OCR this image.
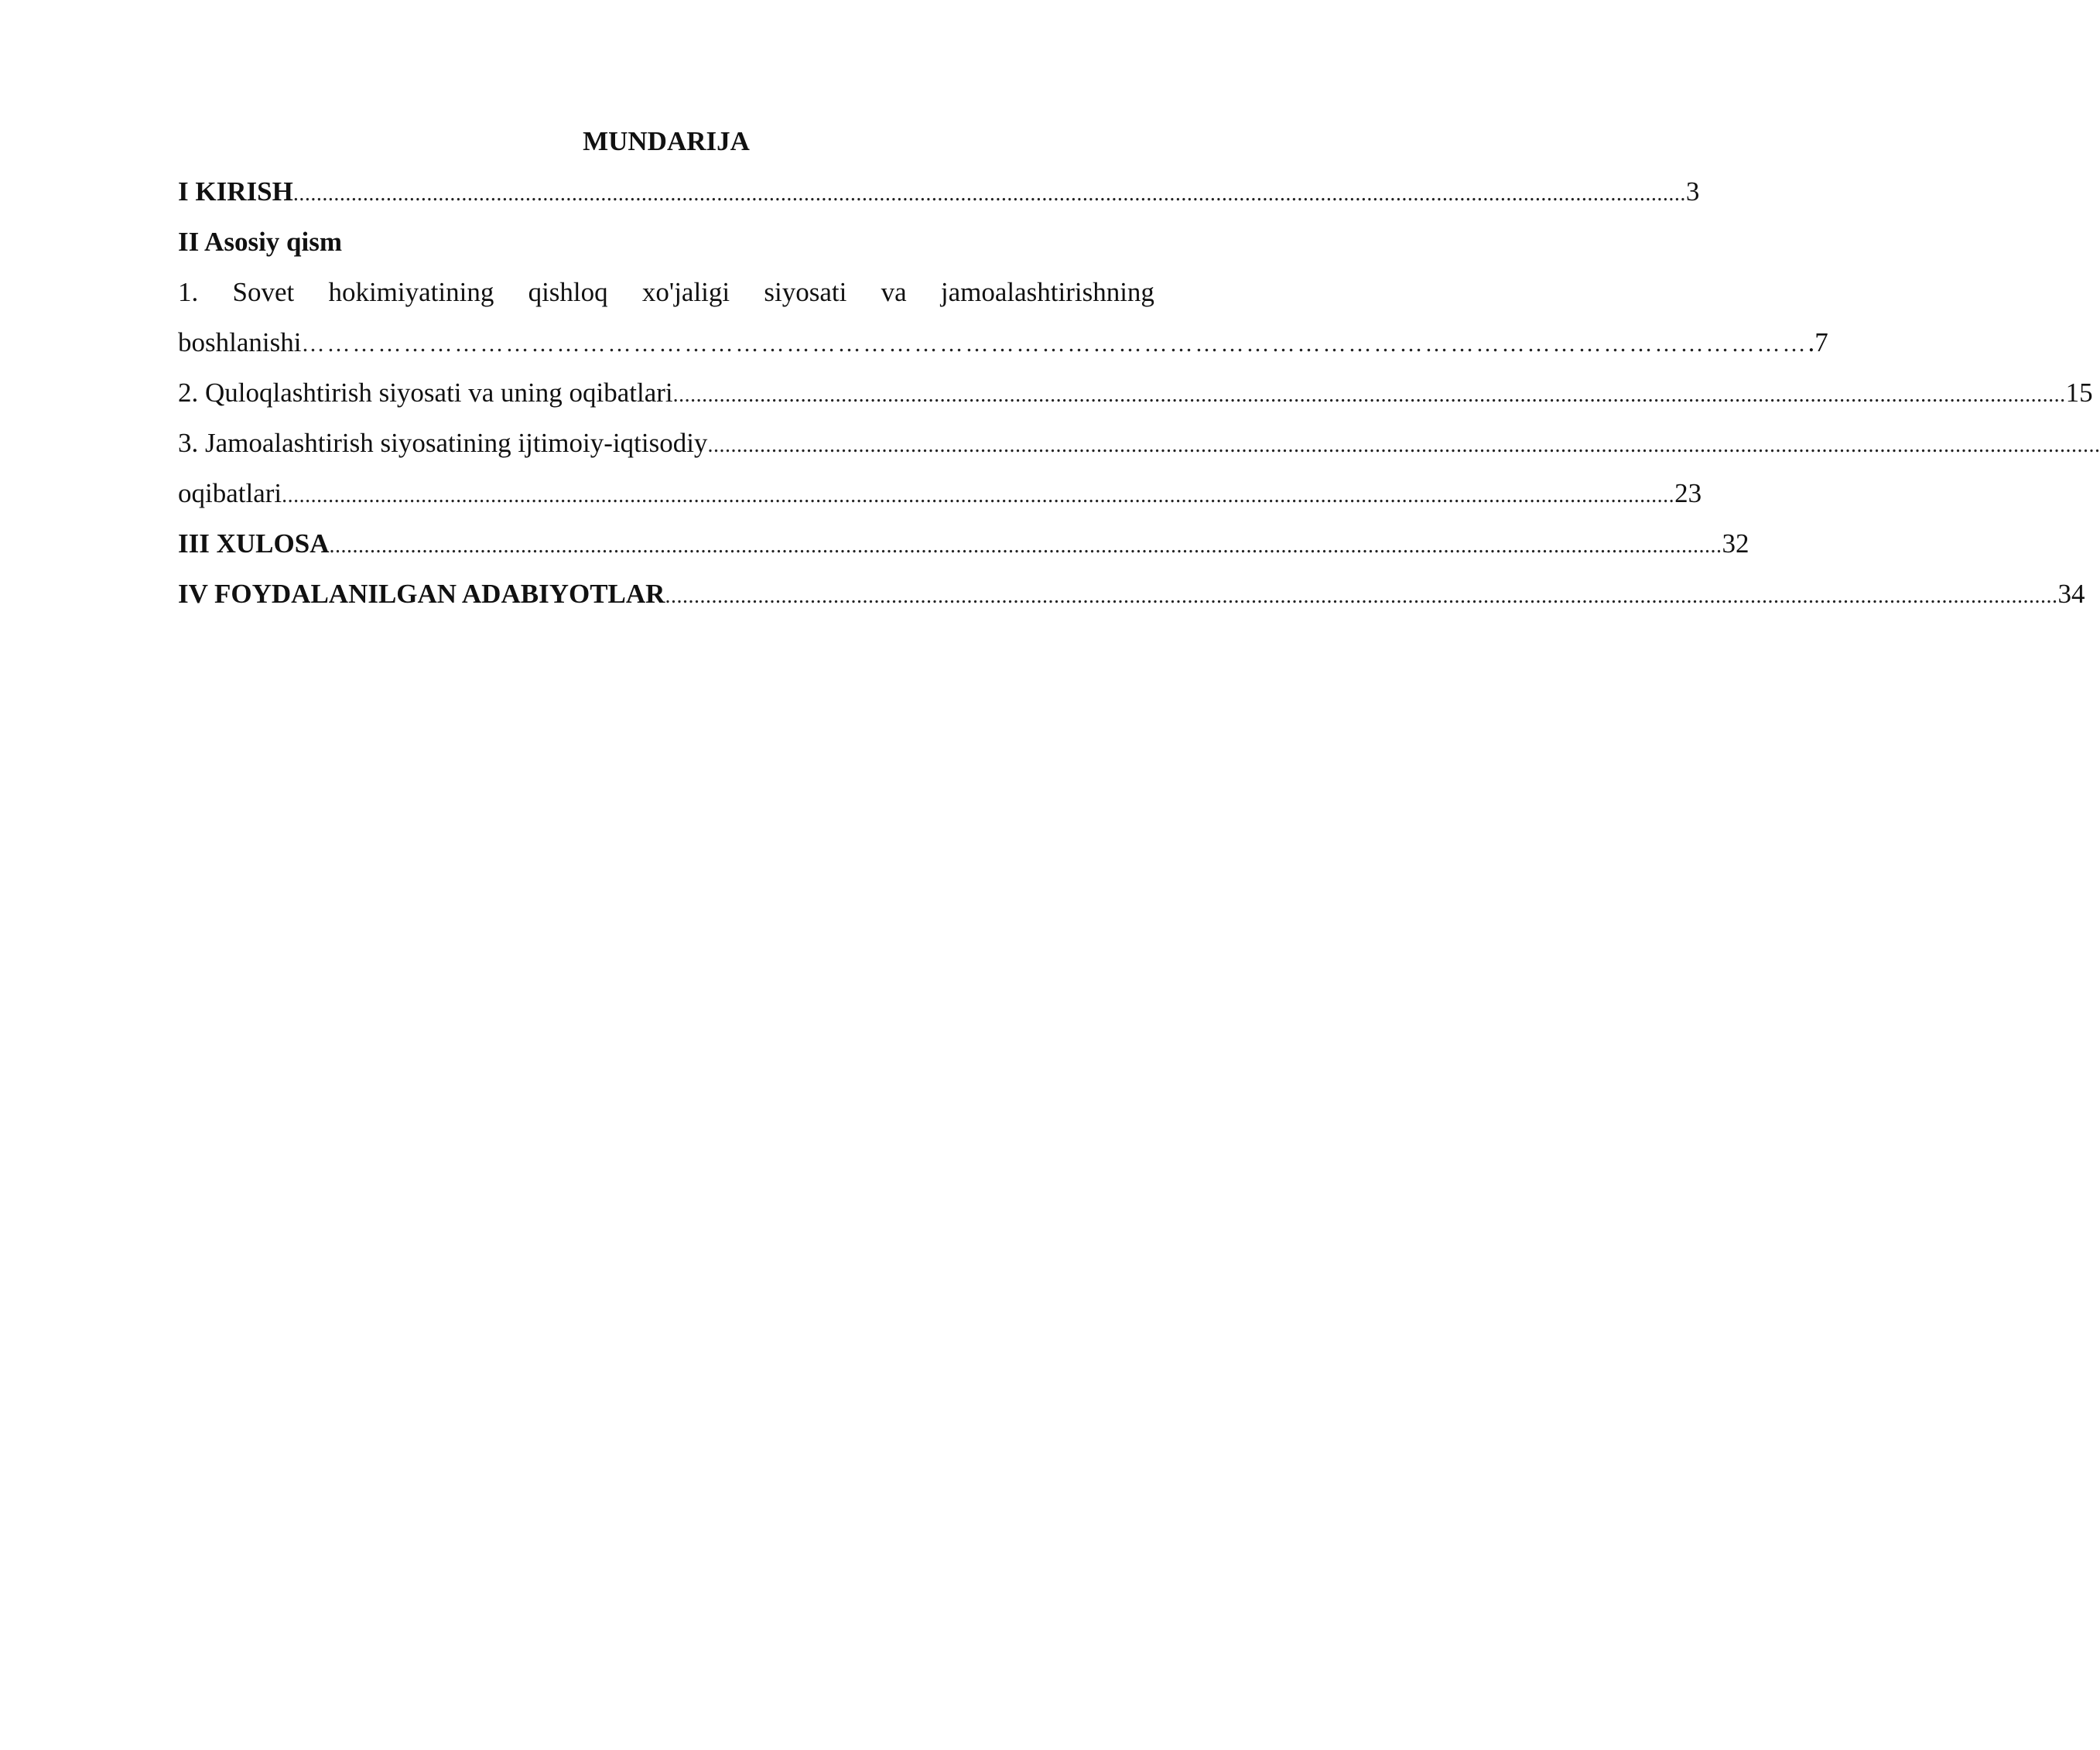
MUNDARIJA
I KIRISH ................................................................................................................................................................................................................................................ 3
II Asosiy qism
1. Sovet hokimiyatining qishloq xo'jaligi siyosati va jamoalashtirishning
boshlanishi …………………………………………………………………………………………………………………………………………………………… .7
2. Quloqlashtirish siyosati va uning oqibatlari ................................................................................................................................................................................................................................................ 15
3. Jamoalashtirish siyosatining ijtimoiy-iqtisodiy ................................................................................................................................................................................................................................................
oqibatlari ................................................................................................................................................................................................................................................ 23
III XULOSA ................................................................................................................................................................................................................................................ 32
IV FOYDALANILGAN ADABIYOTLAR ................................................................................................................................................................................................................................................ 34
